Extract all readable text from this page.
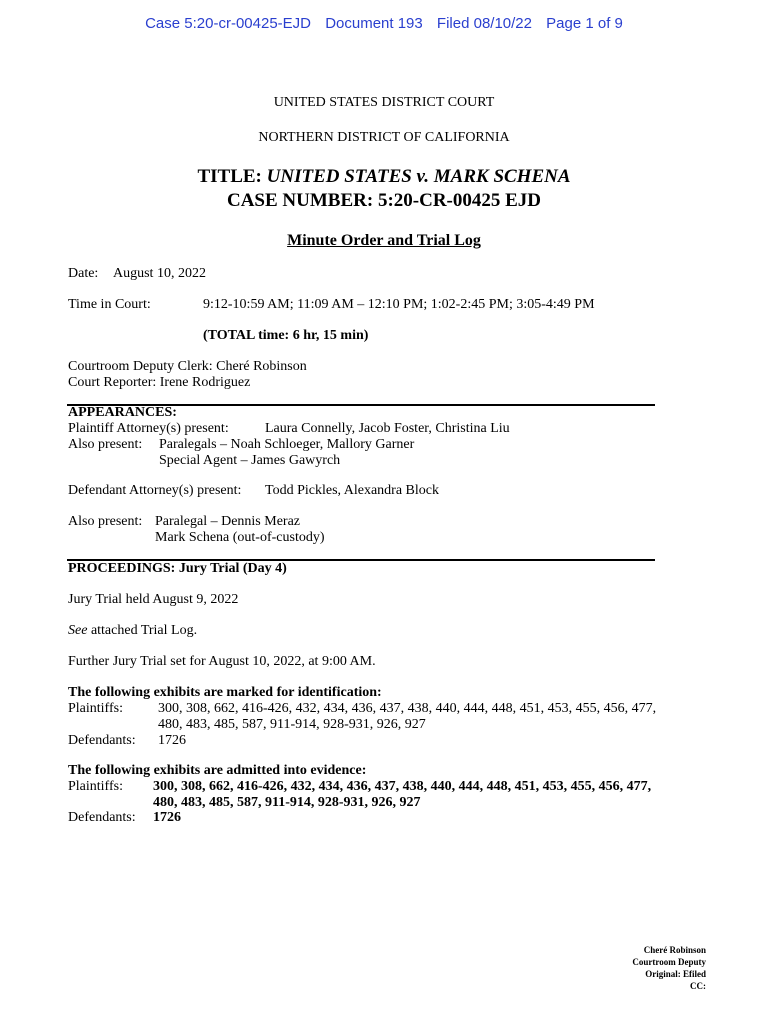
Case 5:20-cr-00425-EJD Document 193 Filed 08/10/22 Page 1 of 9
UNITED STATES DISTRICT COURT
NORTHERN DISTRICT OF CALIFORNIA
TITLE: UNITED STATES v. MARK SCHENA
CASE NUMBER: 5:20-CR-00425 EJD
Minute Order and Trial Log
Date: August 10, 2022
Time in Court:	9:12-10:59 AM; 11:09 AM – 12:10 PM; 1:02-2:45 PM; 3:05-4:49 PM
(TOTAL time: 6 hr, 15 min)
Courtroom Deputy Clerk: Cheré Robinson
Court Reporter: Irene Rodriguez
APPEARANCES:
Plaintiff Attorney(s) present:	Laura Connelly, Jacob Foster, Christina Liu
Also present: Paralegals – Noah Schloeger, Mallory Garner
Special Agent – James Gawyrch
Defendant Attorney(s) present: Todd Pickles, Alexandra Block
Also present: Paralegal – Dennis Meraz
Mark Schena (out-of-custody)
PROCEEDINGS: Jury Trial (Day 4)
Jury Trial held August 9, 2022
See attached Trial Log.
Further Jury Trial set for August 10, 2022, at 9:00 AM.
The following exhibits are marked for identification:
Plaintiffs:	300, 308, 662, 416-426, 432, 434, 436, 437, 438, 440, 444, 448, 451, 453, 455, 456, 477,
480, 483, 485, 587, 911-914, 928-931, 926, 927
Defendants: 1726
The following exhibits are admitted into evidence:
Plaintiffs: 300, 308, 662, 416-426, 432, 434, 436, 437, 438, 440, 444, 448, 451, 453, 455, 456, 477,
480, 483, 485, 587, 911-914, 928-931, 926, 927
Defendants: 1726
Cheré Robinson
Courtroom Deputy
Original: Efiled
CC:
